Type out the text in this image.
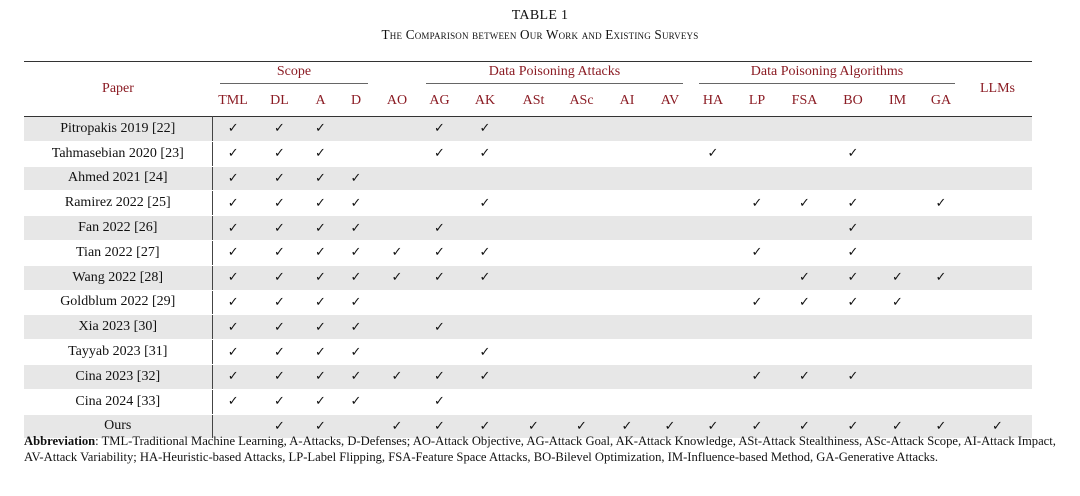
TABLE 1
The Comparison between Our Work and Existing Surveys

Paper	Scope					Data Poisoning Attacks						Data Poisoning Algorithms						LLMs
	TML	DL	A	D	AO	AG	AK	ASt	ASc	AI	AV	HA	LP	FSA	BO	IM	GA	
Pitropakis 2019 [22]	✓	✓	✓			✓	✓											
Tahmasebian 2020 [23]	✓	✓	✓			✓	✓					✓			✓			
Ahmed 2021 [24]	✓	✓	✓	✓														
Ramirez 2022 [25]	✓	✓	✓	✓			✓						✓	✓	✓		✓	
Fan 2022 [26]	✓	✓	✓	✓		✓									✓			
Tian 2022 [27]	✓	✓	✓	✓	✓	✓	✓						✓		✓			
Wang 2022 [28]	✓	✓	✓	✓	✓	✓	✓							✓	✓	✓	✓	
Goldblum 2022 [29]	✓	✓	✓	✓									✓	✓	✓	✓		
Xia 2023 [30]	✓	✓	✓	✓		✓												
Tayyab 2023 [31]	✓	✓	✓	✓			✓											
Cina 2023 [32]	✓	✓	✓	✓	✓	✓	✓						✓	✓	✓			
Cina 2024 [33]	✓	✓	✓	✓		✓												
Ours		✓	✓		✓	✓	✓	✓	✓	✓	✓	✓	✓	✓	✓	✓	✓	✓
Abbreviation: TML-Traditional Machine Learning, A-Attacks, D-Defenses; AO-Attack Objective, AG-Attack Goal, AK-Attack Knowledge, ASt-Attack Stealthiness, ASc-Attack Scope, AI-Attack Impact, AV-Attack Variability; HA-Heuristic-based Attacks, LP-Label Flipping, FSA-Feature Space Attacks, BO-Bilevel Optimization, IM-Influence-based Method, GA-Generative Attacks.
